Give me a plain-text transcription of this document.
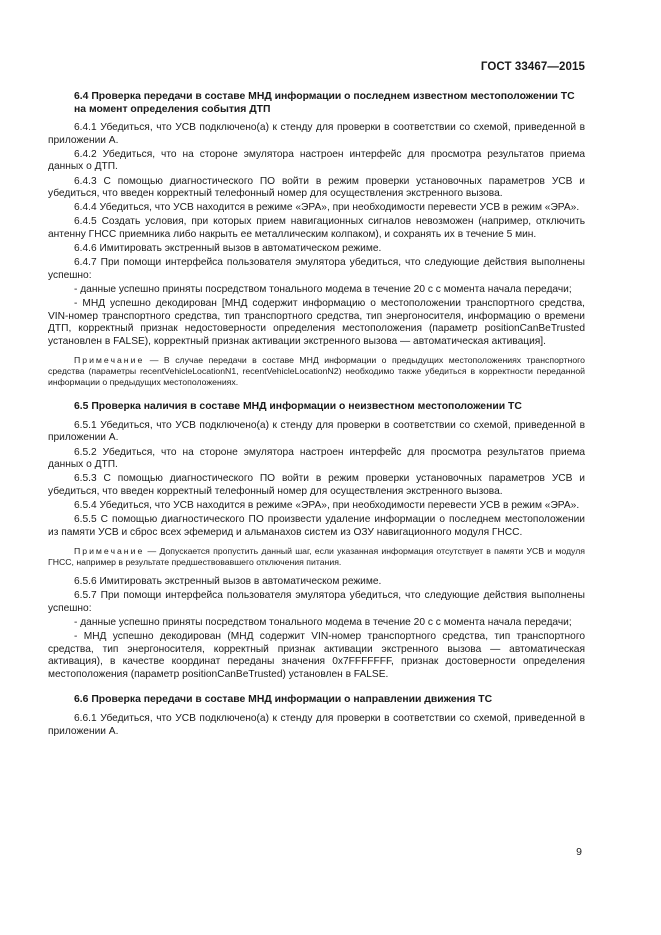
ГОСТ 33467—2015
6.4 Проверка передачи в составе МНД информации о последнем известном местоположении ТС на момент определения события ДТП

6.4.1 Убедиться, что УСВ подключено(а) к стенду для проверки в соответствии со схемой, приведенной в приложении А.

6.4.2 Убедиться, что на стороне эмулятора настроен интерфейс для просмотра результатов приема данных о ДТП.

6.4.3 С помощью диагностического ПО войти в режим проверки установочных параметров УСВ и убедиться, что введен корректный телефонный номер для осуществления экстренного вызова.

6.4.4 Убедиться, что УСВ находится в режиме «ЭРА», при необходимости перевести УСВ в режим «ЭРА».

6.4.5 Создать условия, при которых прием навигационных сигналов невозможен (например, отключить антенну ГНСС приемника либо накрыть ее металлическим колпаком), и сохранять их в течение 5 мин.

6.4.6 Имитировать экстренный вызов в автоматическом режиме.

6.4.7 При помощи интерфейса пользователя эмулятора убедиться, что следующие действия выполнены успешно:

- данные успешно приняты посредством тонального модема в течение 20 с с момента начала передачи;

- МНД успешно декодирован [МНД содержит информацию о местоположении транспортного средства, VIN-номер транспортного средства, тип транспортного средства, тип энергоносителя, информацию о времени ДТП, корректный признак недостоверности определения местоположения (параметр positionCanBeTrusted установлен в FALSE), корректный признак активации экстренного вызова — автоматическая активация].

Примечание — В случае передачи в составе МНД информации о предыдущих местоположениях транспортного средства (параметры recentVehicleLocationN1, recentVehicleLocationN2) необходимо также убедиться в корректности переданной информации о предыдущих местоположениях.

6.5 Проверка наличия в составе МНД информации о неизвестном местоположении ТС

6.5.1 Убедиться, что УСВ подключено(а) к стенду для проверки в соответствии со схемой, приведенной в приложении А.

6.5.2 Убедиться, что на стороне эмулятора настроен интерфейс для просмотра результатов приема данных о ДТП.

6.5.3 С помощью диагностического ПО войти в режим проверки установочных параметров УСВ и убедиться, что введен корректный телефонный номер для осуществления экстренного вызова.

6.5.4 Убедиться, что УСВ находится в режиме «ЭРА», при необходимости перевести УСВ в режим «ЭРА».

6.5.5 С помощью диагностического ПО произвести удаление информации о последнем местоположении из памяти УСВ и сброс всех эфемерид и альманахов систем из ОЗУ навигационного модуля ГНСС.

Примечание — Допускается пропустить данный шаг, если указанная информация отсутствует в памяти УСВ и модуля ГНСС, например в результате предшествовавшего отключения питания.

6.5.6 Имитировать экстренный вызов в автоматическом режиме.

6.5.7 При помощи интерфейса пользователя эмулятора убедиться, что следующие действия выполнены успешно:

- данные успешно приняты посредством тонального модема в течение 20 с с момента начала передачи;

- МНД успешно декодирован (МНД содержит VIN-номер транспортного средства, тип транспортного средства, тип энергоносителя, корректный признак активации экстренного вызова — автоматическая активация), в качестве координат переданы значения 0x7FFFFFFF, признак достоверности определения местоположения (параметр positionCanBeTrusted) установлен в FALSE.

6.6 Проверка передачи в составе МНД информации о направлении движения ТС

6.6.1 Убедиться, что УСВ подключено(а) к стенду для проверки в соответствии со схемой, приведенной в приложении А.

9
